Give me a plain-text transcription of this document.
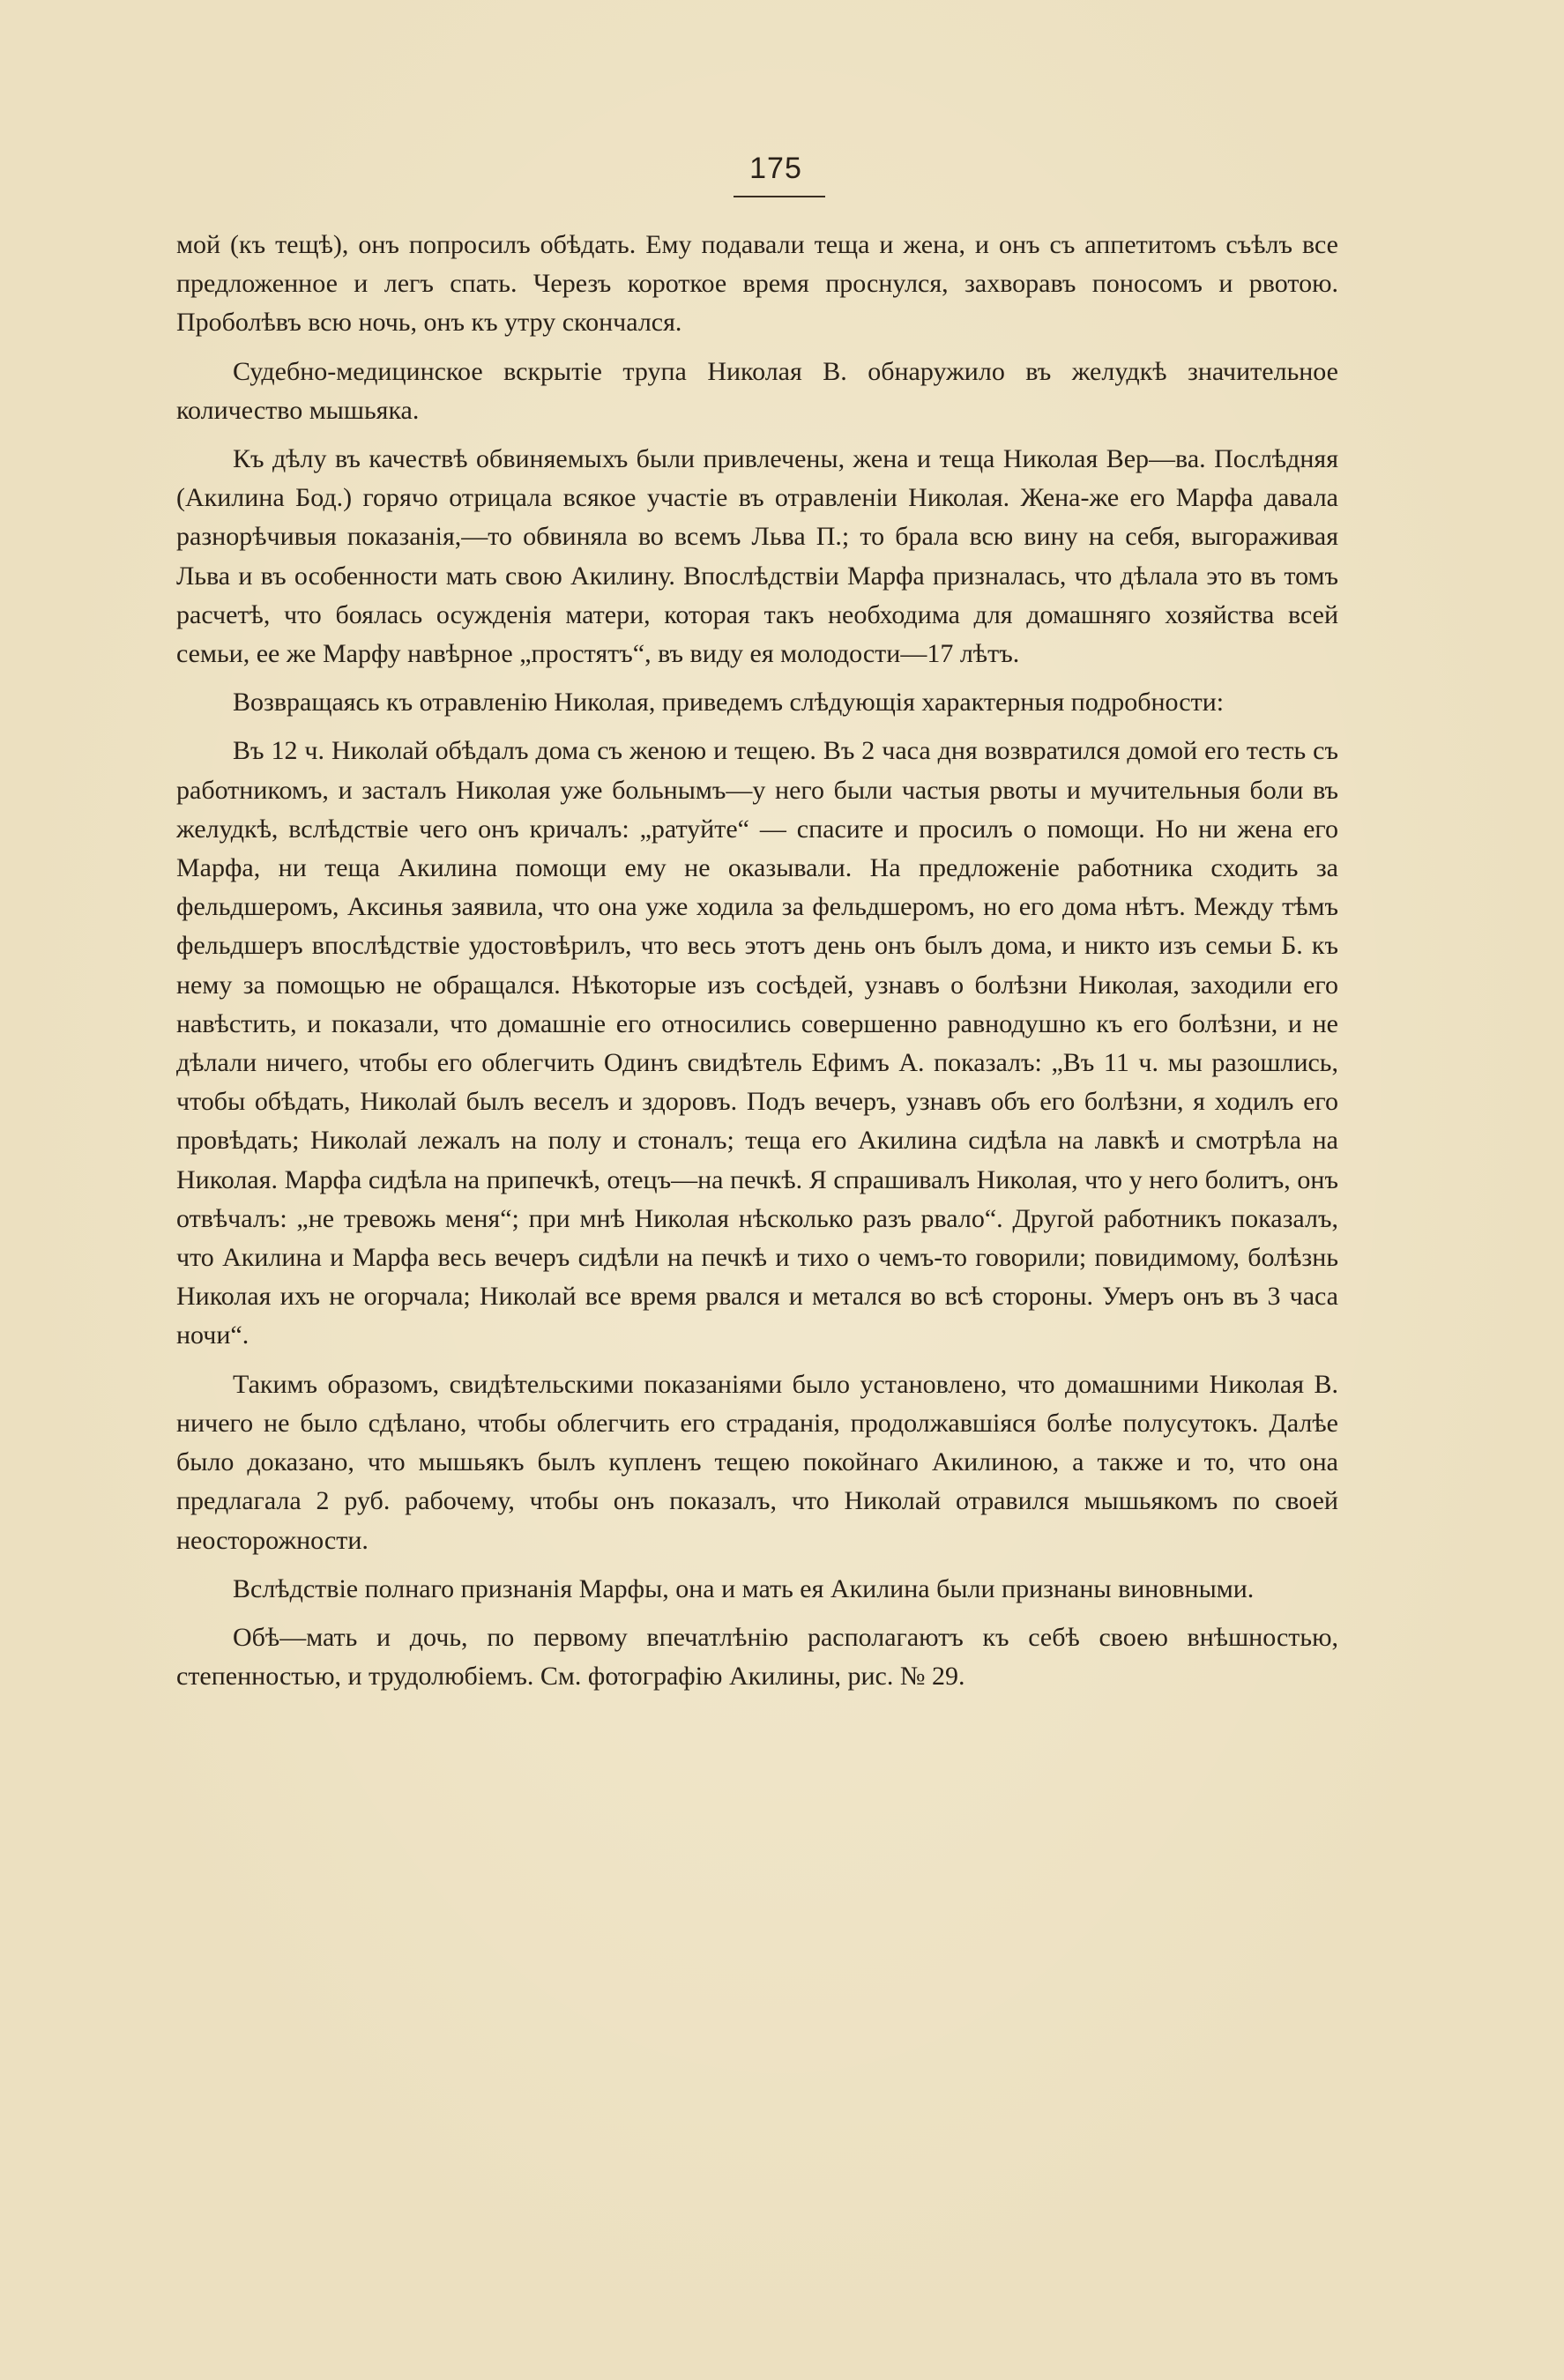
175

мой (къ тещѣ), онъ попросилъ обѣдать. Ему подавали теща и жена, и онъ съ аппетитомъ съѣлъ все предложенное и легъ спать. Черезъ короткое время проснулся, захворавъ поносомъ и рвотою. Проболѣвъ всю ночь, онъ къ утру скончался.

Судебно-медицинское вскрытіе трупа Николая В. обнаружило въ желудкѣ значительное количество мышьяка.

Къ дѣлу въ качествѣ обвиняемыхъ были привлечены, жена и теща Николая Вер—ва. Послѣдняя (Акилина Бод.) горячо отрицала всякое участіе въ отравленіи Николая. Жена-же его Марфа давала разнорѣчивыя показанія,—то обвиняла во всемъ Льва П.; то брала всю вину на себя, выгораживая Льва и въ особенности мать свою Акилину. Впослѣдствіи Марфа призналась, что дѣлала это въ томъ расчетѣ, что боялась осужденія матери, которая такъ необходима для домашняго хозяйства всей семьи, ее же Марфу навѣрное „простятъ“, въ виду ея молодости—17 лѣтъ.

Возвращаясь къ отравленію Николая, приведемъ слѣдующія характерныя подробности:

Въ 12 ч. Николай обѣдалъ дома съ женою и тещею. Въ 2 часа дня возвратился домой его тесть съ работникомъ, и засталъ Николая уже больнымъ—у него были частыя рвоты и мучительныя боли въ желудкѣ, вслѣдствіе чего онъ кричалъ: „ратуйте“ — спасите и просилъ о помощи. Но ни жена его Марфа, ни теща Акилина помощи ему не оказывали. На предложеніе работника сходить за фельдшеромъ, Аксинья заявила, что она уже ходила за фельдшеромъ, но его дома нѣтъ. Между тѣмъ фельдшеръ впослѣдствіе удостовѣрилъ, что весь этотъ день онъ былъ дома, и никто изъ семьи Б. къ нему за помощью не обращался. Нѣкоторые изъ сосѣдей, узнавъ о болѣзни Николая, заходили его навѣстить, и показали, что домашніе его относились совершенно равнодушно къ его болѣзни, и не дѣлали ничего, чтобы его облегчить Одинъ свидѣтель Ефимъ А. показалъ: „Въ 11 ч. мы разошлись, чтобы обѣдать, Николай былъ веселъ и здоровъ. Подъ вечеръ, узнавъ объ его болѣзни, я ходилъ его провѣдать; Николай лежалъ на полу и стоналъ; теща его Акилина сидѣла на лавкѣ и смотрѣла на Николая. Марфа сидѣла на припечкѣ, отецъ—на печкѣ. Я спрашивалъ Николая, что у него болитъ, онъ отвѣчалъ: „не тревожь меня“; при мнѣ Николая нѣсколько разъ рвало“. Другой работникъ показалъ, что Акилина и Марфа весь вечеръ сидѣли на печкѣ и тихо о чемъ-то говорили; повидимому, болѣзнь Николая ихъ не огорчала; Николай все время рвался и метался во всѣ стороны. Умеръ онъ въ 3 часа ночи“.

Такимъ образомъ, свидѣтельскими показаніями было установлено, что домашними Николая В. ничего не было сдѣлано, чтобы облегчить его страданія, продолжавшіяся болѣе полусутокъ. Далѣе было доказано, что мышьякъ былъ купленъ тещею покойнаго Акилиною, а также и то, что она предлагала 2 руб. рабочему, чтобы онъ показалъ, что Николай отравился мышьякомъ по своей неосторожности.

Вслѣдствіе полнаго признанія Марфы, она и мать ея Акилина были признаны виновными.

Обѣ—мать и дочь, по первому впечатлѣнію располагаютъ къ себѣ своею внѣшностью, степенностью, и трудолюбіемъ. См. фотографію Акилины, рис. № 29.
